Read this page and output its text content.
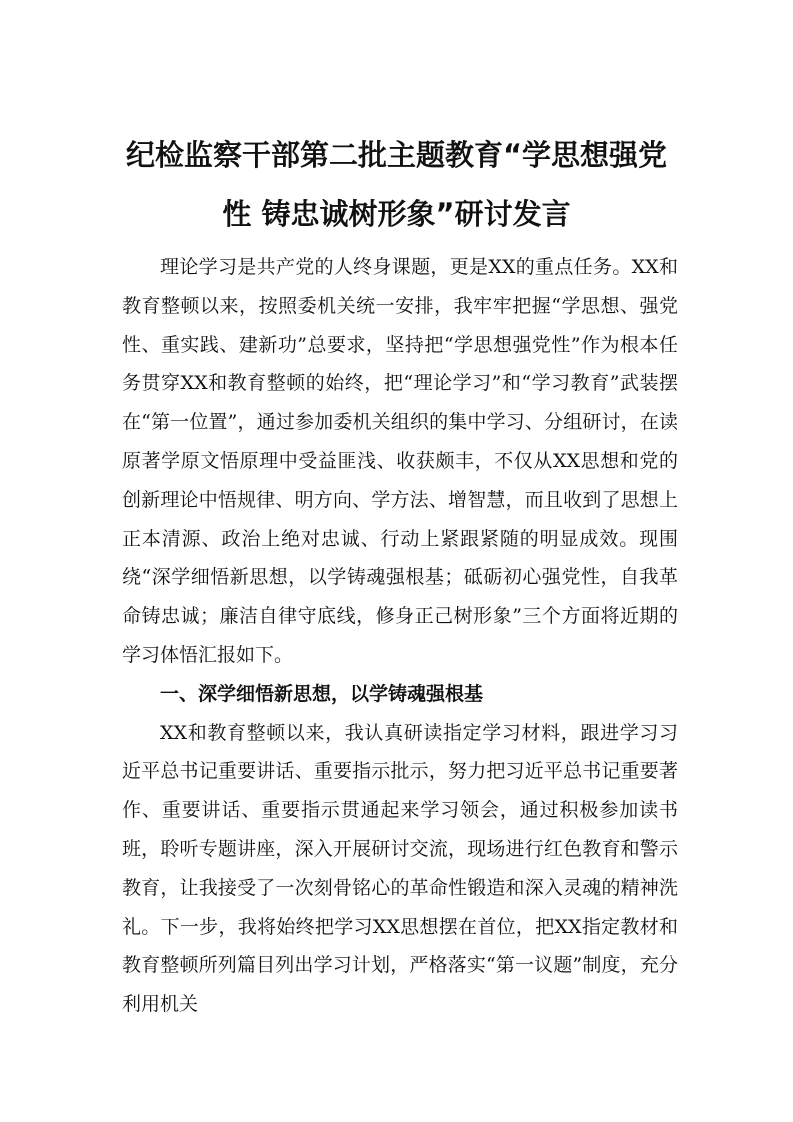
纪检监察干部第二批主题教育“学思想强党
性 铸忠诚树形象”研讨发言

理论学习是共产党的人终身课题，更是XX的重点任务。XX和教育整顿以来，按照委机关统一安排，我牢牢把握“学思想、强党性、重实践、建新功”总要求，坚持把“学思想强党性”作为根本任务贯穿XX和教育整顿的始终，把“理论学习”和“学习教育”武装摆在“第一位置”，通过参加委机关组织的集中学习、分组研讨，在读原著学原文悟原理中受益匪浅、收获颇丰，不仅从XX思想和党的创新理论中悟规律、明方向、学方法、增智慧，而且收到了思想上正本清源、政治上绝对忠诚、行动上紧跟紧随的明显成效。现围绕“深学细悟新思想，以学铸魂强根基；砥砺初心强党性，自我革命铸忠诚；廉洁自律守底线，修身正己树形象”三个方面将近期的学习体悟汇报如下。

一、深学细悟新思想，以学铸魂强根基

XX和教育整顿以来，我认真研读指定学习材料，跟进学习习近平总书记重要讲话、重要指示批示，努力把习近平总书记重要著作、重要讲话、重要指示贯通起来学习领会，通过积极参加读书班，聆听专题讲座，深入开展研讨交流，现场进行红色教育和警示教育，让我接受了一次刻骨铭心的革命性锻造和深入灵魂的精神洗礼。下一步，我将始终把学习XX思想摆在首位，把XX指定教材和教育整顿所列篇目列出学习计划，严格落实“第一议题”制度，充分利用机关
